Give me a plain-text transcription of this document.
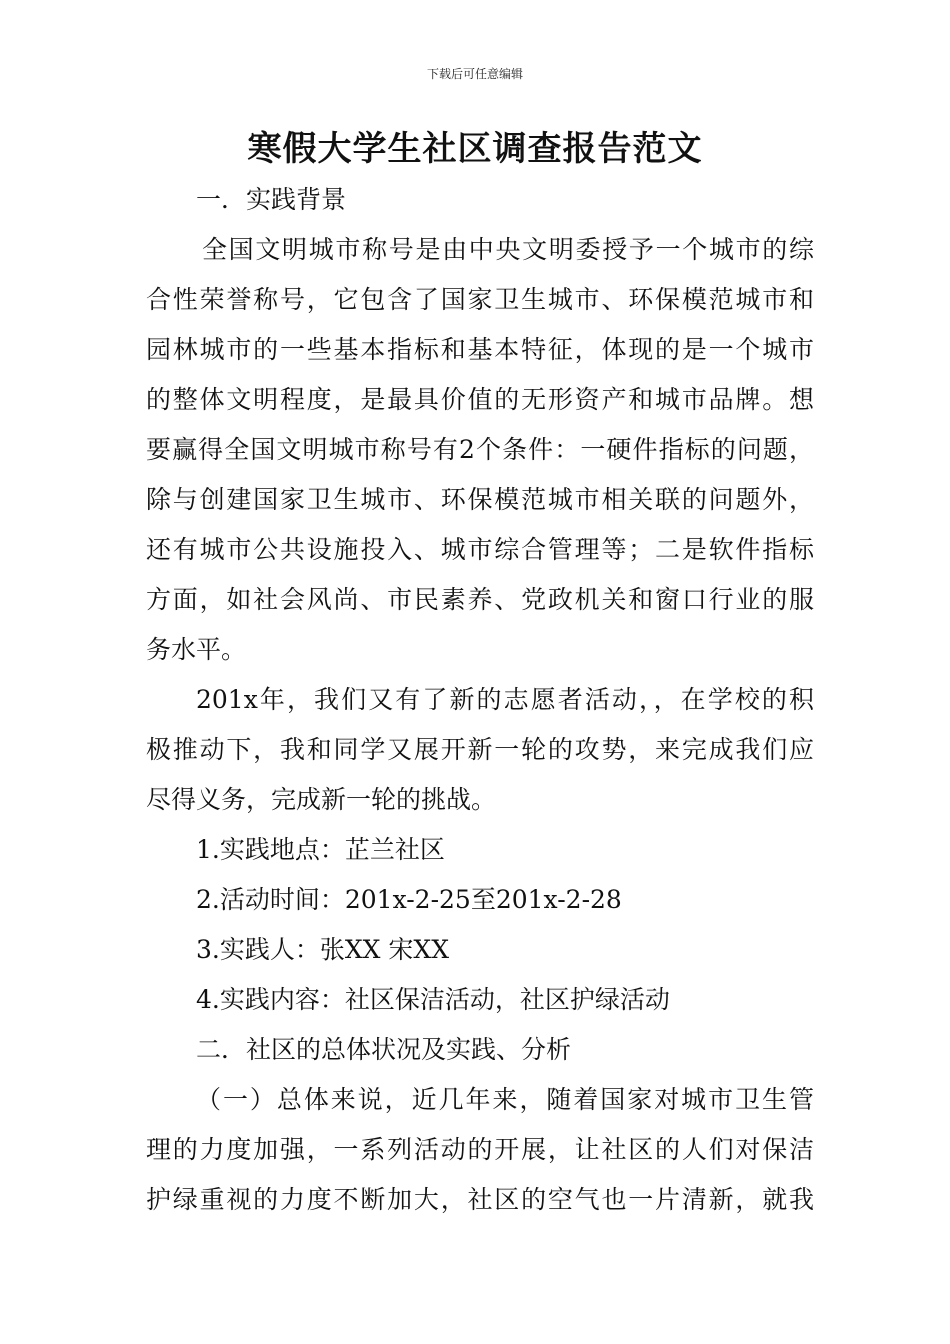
下载后可任意编辑
寒假大学生社区调查报告范文
一．实践背景
全国文明城市称号是由中央文明委授予一个城市的综
合性荣誉称号，它包含了国家卫生城市、环保模范城市和
园林城市的一些基本指标和基本特征，体现的是一个城市
的整体文明程度，是最具价值的无形资产和城市品牌。想
要赢得全国文明城市称号有2个条件：一硬件指标的问题，
除与创建国家卫生城市、环保模范城市相关联的问题外，
还有城市公共设施投入、城市综合管理等；二是软件指标
方面，如社会风尚、市民素养、党政机关和窗口行业的服
务水平。
201x年，我们又有了新的志愿者活动，，在学校的积
极推动下，我和同学又展开新一轮的攻势，来完成我们应
尽得义务，完成新一轮的挑战。
1.实践地点：芷兰社区
2.活动时间：201x-2-25至201x-2-28
3.实践人：张XX 宋XX
4.实践内容：社区保洁活动，社区护绿活动
二．社区的总体状况及实践、分析
（一）总体来说，近几年来，随着国家对城市卫生管
理的力度加强，一系列活动的开展，让社区的人们对保洁
护绿重视的力度不断加大，社区的空气也一片清新，就我
